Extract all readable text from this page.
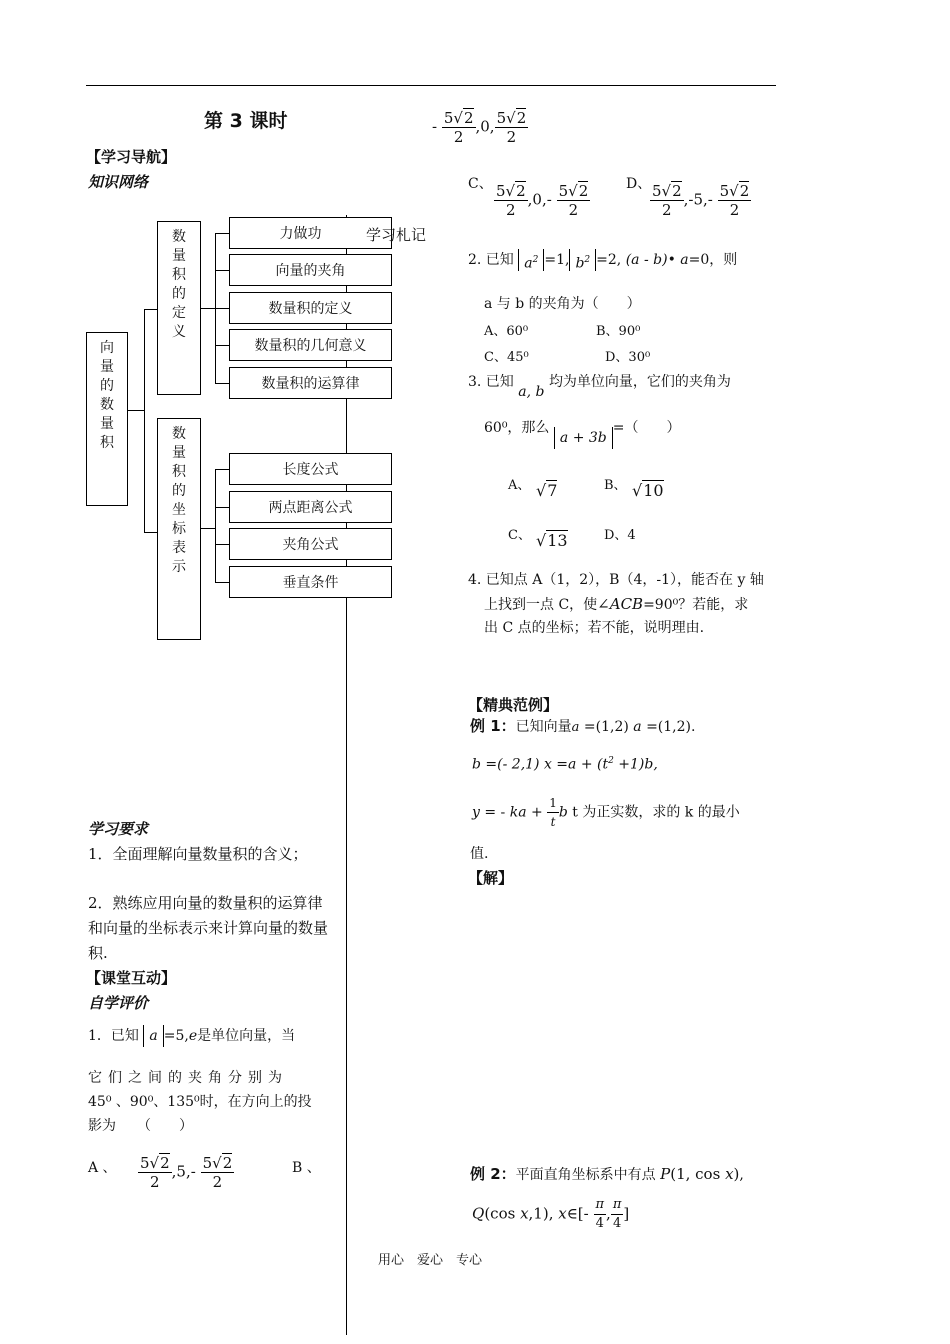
第 3 课时
【学习导航】
知识网络
向量的数量积
数量积的定义
数量积的坐标表示
力做功
向量的夹角
数量积的定义
数量积的几何意义
数量积的运算律
长度公式
两点距离公式
夹角公式
垂直条件
学习札记
学习要求
1．全面理解向量数量积的含义；
2．熟练应用向量的数量积的运算律和向量的坐标表示来计算向量的数量积.
【课堂互动】
自学评价
1．已知 a =5,e是单位向量，当
它们之间的夹角分别为
45⁰ 、90⁰、135⁰时，在方向上的投
影为　　（　　）
A 、 $\frac{5√2}{2} ,5,- \frac{5√2}{2}$	B 、
- $\frac{5√2}{2} ,0$, $\frac{5√2}{2}$
C、 $\frac{5√2}{2} ,0,- \frac{5√2}{2}$	D、
$\frac{5√2}{2} ,-5,- \frac{5√2}{2}$
2. 已知 $a^2 =1$, $b^2 =2$, (a - b)• a=0，则
a 与 b 的夹角为（　　）
A、60⁰	B、90⁰
C、45⁰	D、30⁰
3. 已知 a, b 均为单位向量，它们的夹角为
60⁰，那么 a + 3b=（　　）
A、 √7	B、 √10
C、 √13	D、4
4. 已知点 A（1，2），B（4，-1），能否在 y 轴
上找到一点 C，使∠ACB=90⁰？若能，求
出 C 点的坐标；若不能，说明理由.
【精典范例】
例 1：已知向量a =(1,2) a =(1,2).
b =(- 2,1) $x =a + (t^2 +1)b$,
y = - ka + $\frac{1}{t}$ b t 为正实数，求的 k 的最小
值.
【解】
例 2：平面直角坐标系中有点 P(1, cos x),
Q(cos x,1), x∈[- $\frac{\pi}{4}$ , $\frac{\pi}{4}$ ]
用心　爱心　专心
